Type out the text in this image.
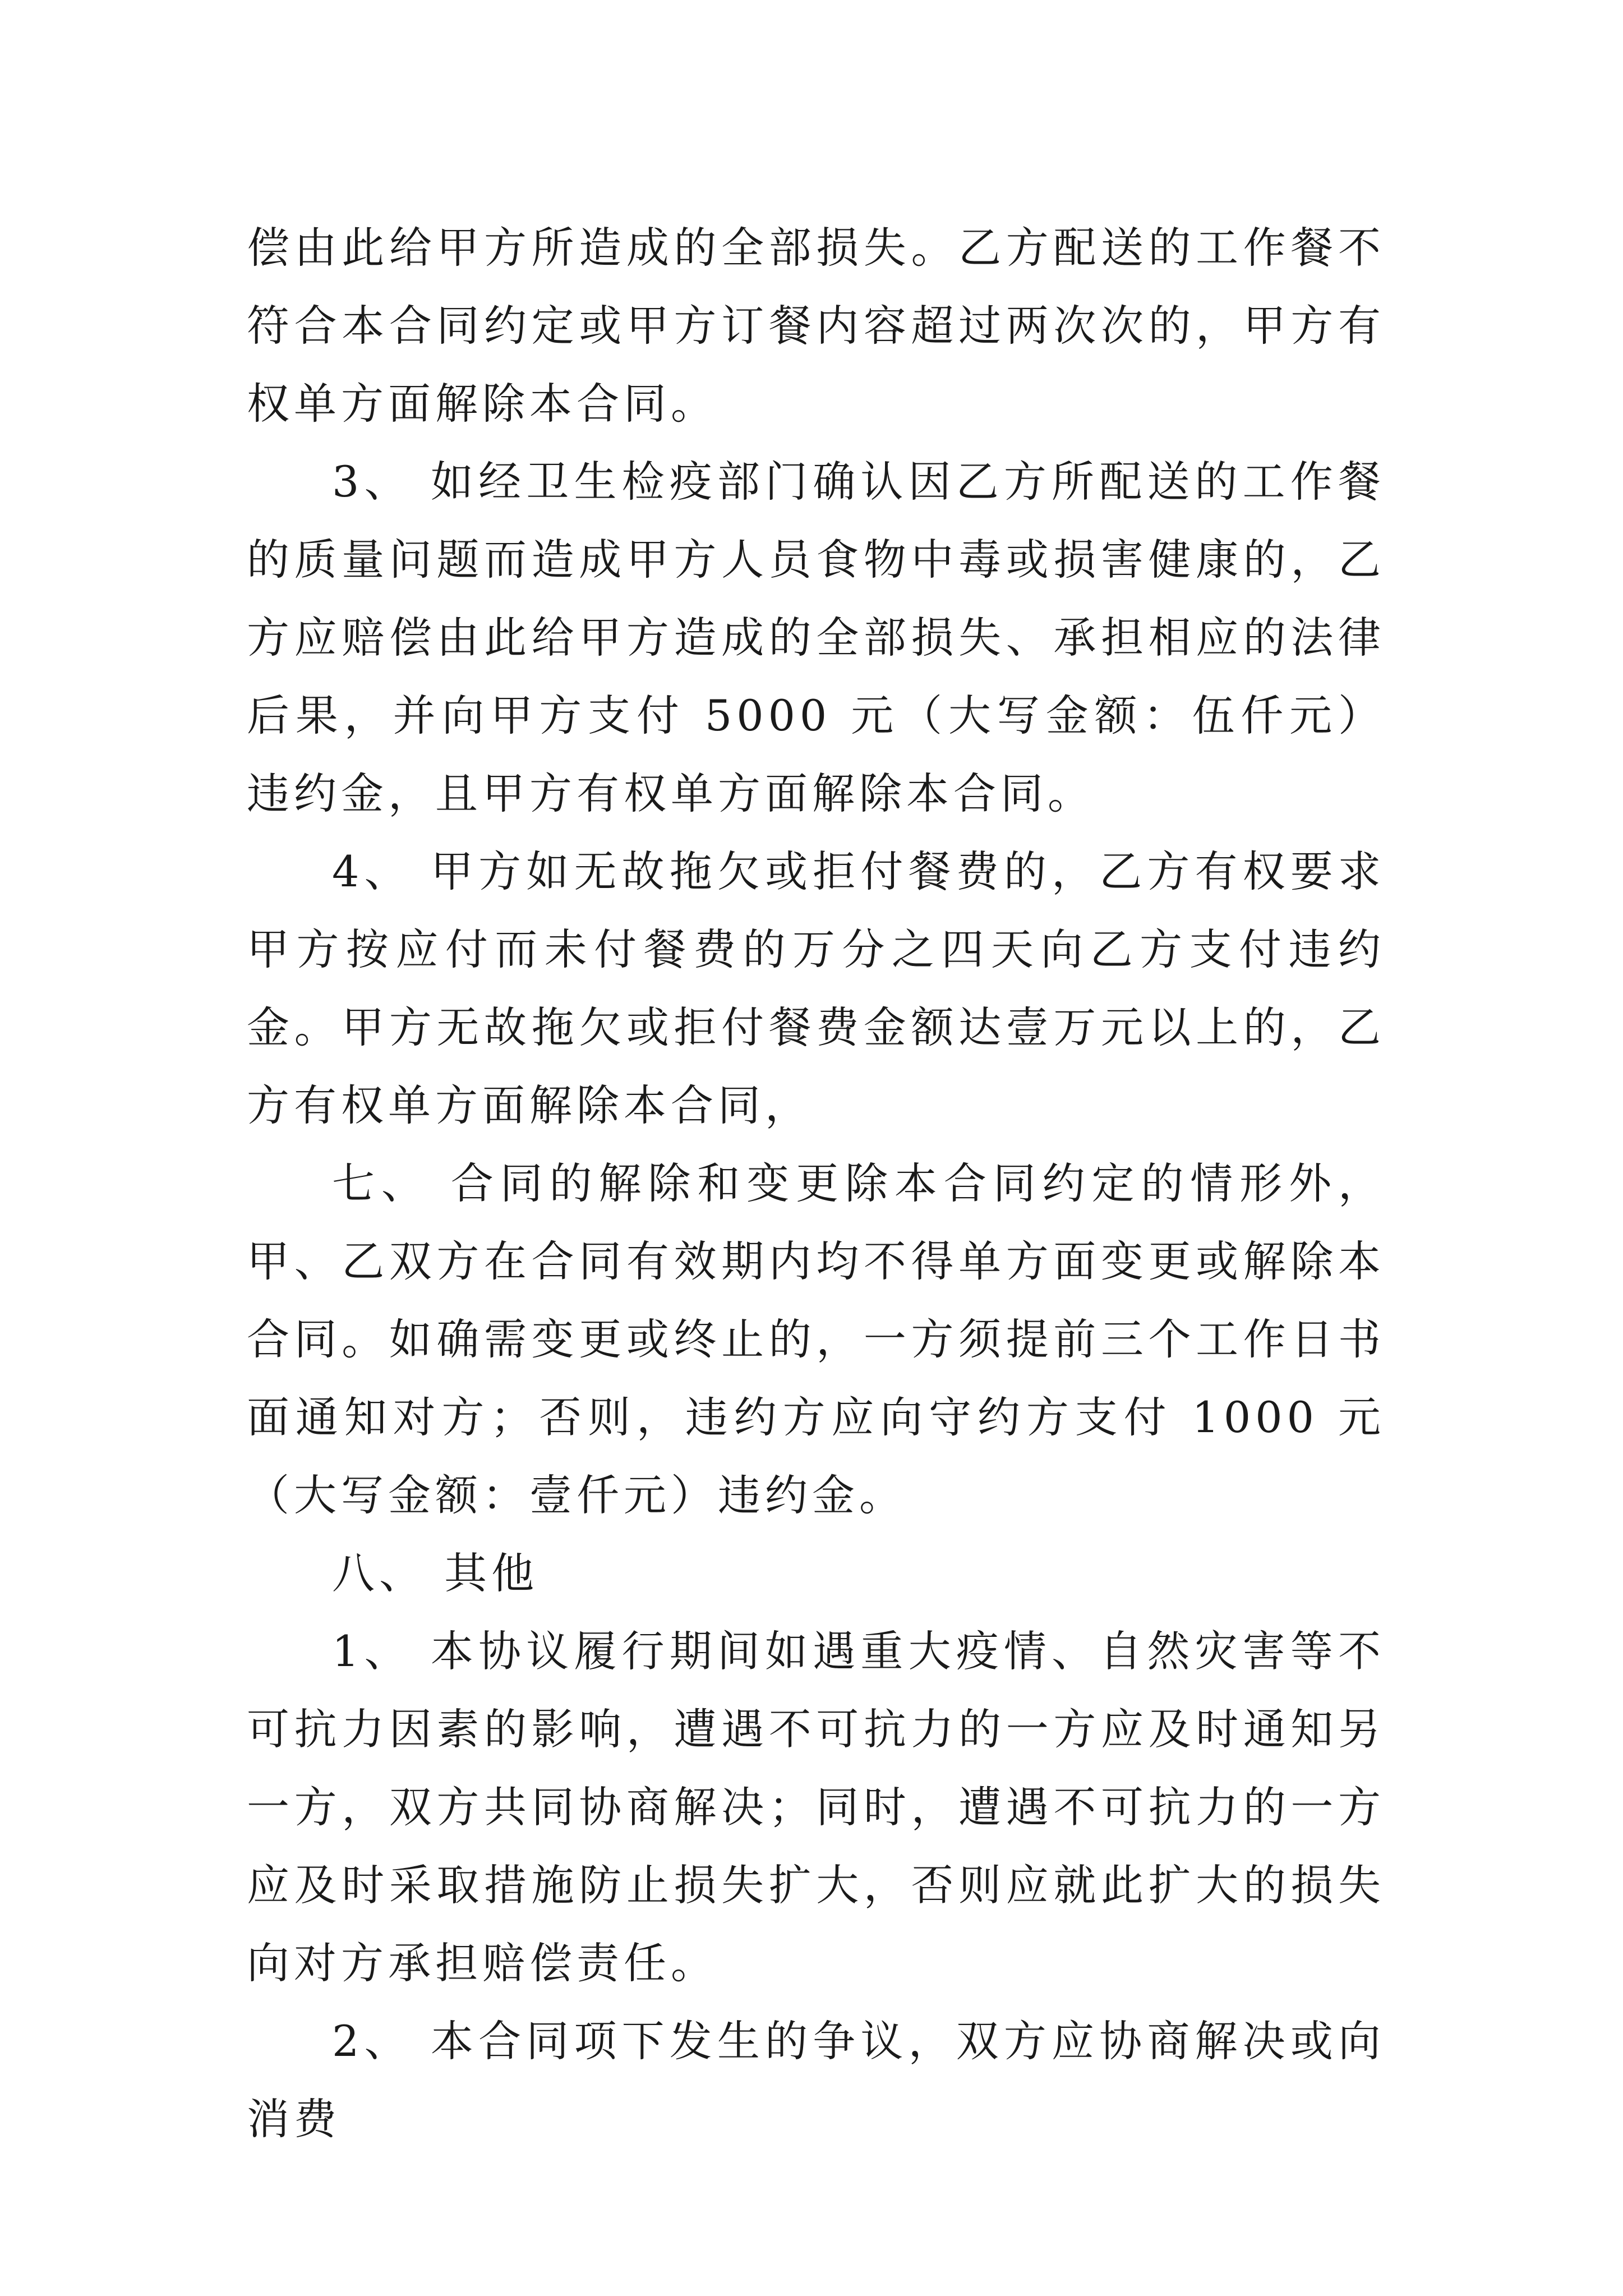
偿由此给甲方所造成的全部损失。乙方配送的工作餐不符合本合同约定或甲方订餐内容超过两次次的，甲方有权单方面解除本合同。

3、 如经卫生检疫部门确认因乙方所配送的工作餐的质量问题而造成甲方人员食物中毒或损害健康的，乙方应赔偿由此给甲方造成的全部损失、承担相应的法律后果，并向甲方支付 5000 元（大写金额：伍仟元）违约金，且甲方有权单方面解除本合同。

4、 甲方如无故拖欠或拒付餐费的，乙方有权要求甲方按应付而未付餐费的万分之四天向乙方支付违约金。甲方无故拖欠或拒付餐费金额达壹万元以上的，乙方有权单方面解除本合同，

七、 合同的解除和变更除本合同约定的情形外，甲、乙双方在合同有效期内均不得单方面变更或解除本合同。如确需变更或终止的，一方须提前三个工作日书面通知对方；否则，违约方应向守约方支付 1000 元（大写金额：壹仟元）违约金。

八、 其他

1、 本协议履行期间如遇重大疫情、自然灾害等不可抗力因素的影响，遭遇不可抗力的一方应及时通知另一方，双方共同协商解决；同时，遭遇不可抗力的一方应及时采取措施防止损失扩大，否则应就此扩大的损失向对方承担赔偿责任。

2、 本合同项下发生的争议，双方应协商解决或向消费
